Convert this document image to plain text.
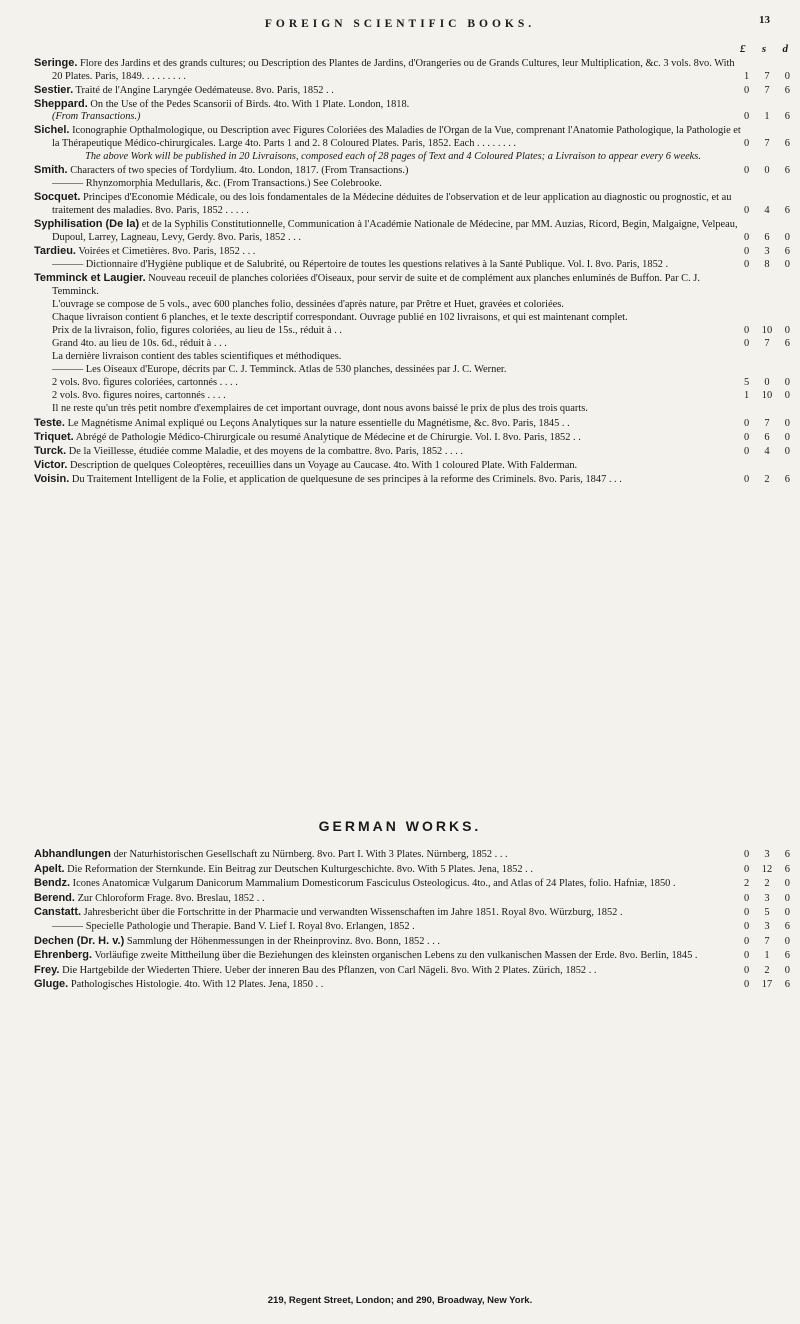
FOREIGN SCIENTIFIC BOOKS.	13
£ s d
Seringe. Flore des Jardins et des grands cultures; ou Description des Plantes de Jardins, d'Orangeries ou de Grands Cultures, leur Multiplication, &c. 3 vols. 8vo. With 20 Plates. Paris, 1849. . . . . . . . .	1 7 0
Sestier. Traité de l'Angine Laryngée Oedémateuse. 8vo. Paris, 1852 . .	0 7 6
Sheppard. On the Use of the Pedes Scansorii of Birds. 4to. With 1 Plate. London, 1818.
(From Transactions.)	0 1 6
Sichel. Iconographie Opthalmologique, ou Description avec Figures Coloriées des Maladies de l'Organ de la Vue, comprenant l'Anatomie Pathologique, la Pathologie et la Thérapeutique Médico-chirurgicales. Large 4to. Parts 1 and 2. 8 Coloured Plates. Paris, 1852. Each . . . . . . . .	0 7 6
The above Work will be published in 20 Livraisons, composed each of 28 pages of Text and 4 Coloured Plates; a Livraison to appear every 6 weeks.
Smith. Characters of two species of Tordylium. 4to. London, 1817. (From Transactions.)	0 0 6
——— Rhynzomorphia Medullaris, &c. (From Transactions.) See Colebrooke.
Socquet. Principes d'Economie Médicale, ou des lois fondamentales de la Médecine déduites de l'observation et de leur application au diagnostic ou prognostic, et au traitement des maladies. 8vo. Paris, 1852 . . . . .	0 4 6
Syphilisation (De la) et de la Syphilis Constitutionnelle, Communication à l'Académie Nationale de Médecine, par MM. Auzias, Ricord, Begin, Malgaigne, Velpeau, Dupoul, Larrey, Lagneau, Levy, Gerdy. 8vo. Paris, 1852 . . .	0 6 0
Tardieu. Voirées et Cimetières. 8vo. Paris, 1852 . . .	0 3 6
——— Dictionnaire d'Hygiène publique et de Salubrité, ou Répertoire de toutes les questions relatives à la Santé Publique. Vol. I. 8vo. Paris, 1852 .	0 8 0
Temminck et Laugier. Nouveau receuil de planches coloriées d'Oiseaux, pour servir de suite et de complément aux planches enluminés de Buffon. Par C. J. Temminck.
L'ouvrage se compose de 5 vols., avec 600 planches folio, dessinées d'après nature, par Prêtre et Huet, gravées et coloriées.
Chaque livraison contient 6 planches, et le texte descriptif correspondant. Ouvrage publié en 102 livraisons, et qui est maintenant complet.
Prix de la livraison, folio, figures coloriées, au lieu de 15s., réduit à . .	0 10 0
Grand 4to. au lieu de 10s. 6d., réduit à . . .	0 7 6
La dernière livraison contient des tables scientifiques et méthodiques.
——— Les Oiseaux d'Europe, décrits par C. J. Temminck. Atlas de 530 planches, dessinées par J. C. Werner.
2 vols. 8vo. figures coloriées, cartonnés . . . .	5 0 0
2 vols. 8vo. figures noires, cartonnés . . . .	1 10 0
Il ne reste qu'un très petit nombre d'exemplaires de cet important ouvrage, dont nous avons baissé le prix de plus des trois quarts.
Teste. Le Magnétisme Animal expliqué ou Leçons Analytiques sur la nature essentielle du Magnétisme, &c. 8vo. Paris, 1845 . .	0 7 0
Triquet. Abrégé de Pathologie Médico-Chirurgicale ou resumé Analytique de Médecine et de Chirurgie. Vol. I. 8vo. Paris, 1852 . .	0 6 0
Turck. De la Vieillesse, étudiée comme Maladie, et des moyens de la combattre. 8vo. Paris, 1852 . . . .	0 4 0
Victor. Description de quelques Coleoptères, receuillies dans un Voyage au Caucase. 4to. With 1 coloured Plate. With Falderman.
Voisin. Du Traitement Intelligent de la Folie, et application de quelquesune de ses principes à la reforme des Criminels. 8vo. Paris, 1847 . . .	0 2 6
GERMAN WORKS.
Abhandlungen der Naturhistorischen Gesellschaft zu Nürnberg. 8vo. Part I. With 3 Plates. Nürnberg, 1852 . . .	0 3 6
Apelt. Die Reformation der Sternkunde. Ein Beitrag zur Deutschen Kulturgeschichte. 8vo. With 5 Plates. Jena, 1852 . .	0 12 6
Bendz. Icones Anatomicæ Vulgarum Danicorum Mammalium Domesticorum Fasciculus Osteologicus. 4to., and Atlas of 24 Plates, folio. Hafniæ, 1850 .	2 2 0
Berend. Zur Chloroform Frage. 8vo. Breslau, 1852 . .	0 3 0
Canstatt. Jahresbericht über die Fortschritte in der Pharmacie und verwandten Wissenschaften im Jahre 1851. Royal 8vo. Würzburg, 1852 .	0 5 0
——— Specielle Pathologie und Therapie. Band V. Lief I. Royal 8vo. Erlangen, 1852 .	0 3 6
Dechen (Dr. H. v.) Sammlung der Höhenmessungen in der Rheinprovinz. 8vo. Bonn, 1852 . . .	0 7 0
Ehrenberg. Vorläufige zweite Mittheilung über die Beziehungen des kleinsten organischen Lebens zu den vulkanischen Massen der Erde. 8vo. Berlin, 1845 .	0 1 6
Frey. Die Hartgebilde der Wiederten Thiere. Ueber der inneren Bau des Pflanzen, von Carl Nägeli. 8vo. With 2 Plates. Zürich, 1852 . .	0 2 0
Gluge. Pathologisches Histologie. 4to. With 12 Plates. Jena, 1850 . .	0 17 6
219, Regent Street, London; and 290, Broadway, New York.
